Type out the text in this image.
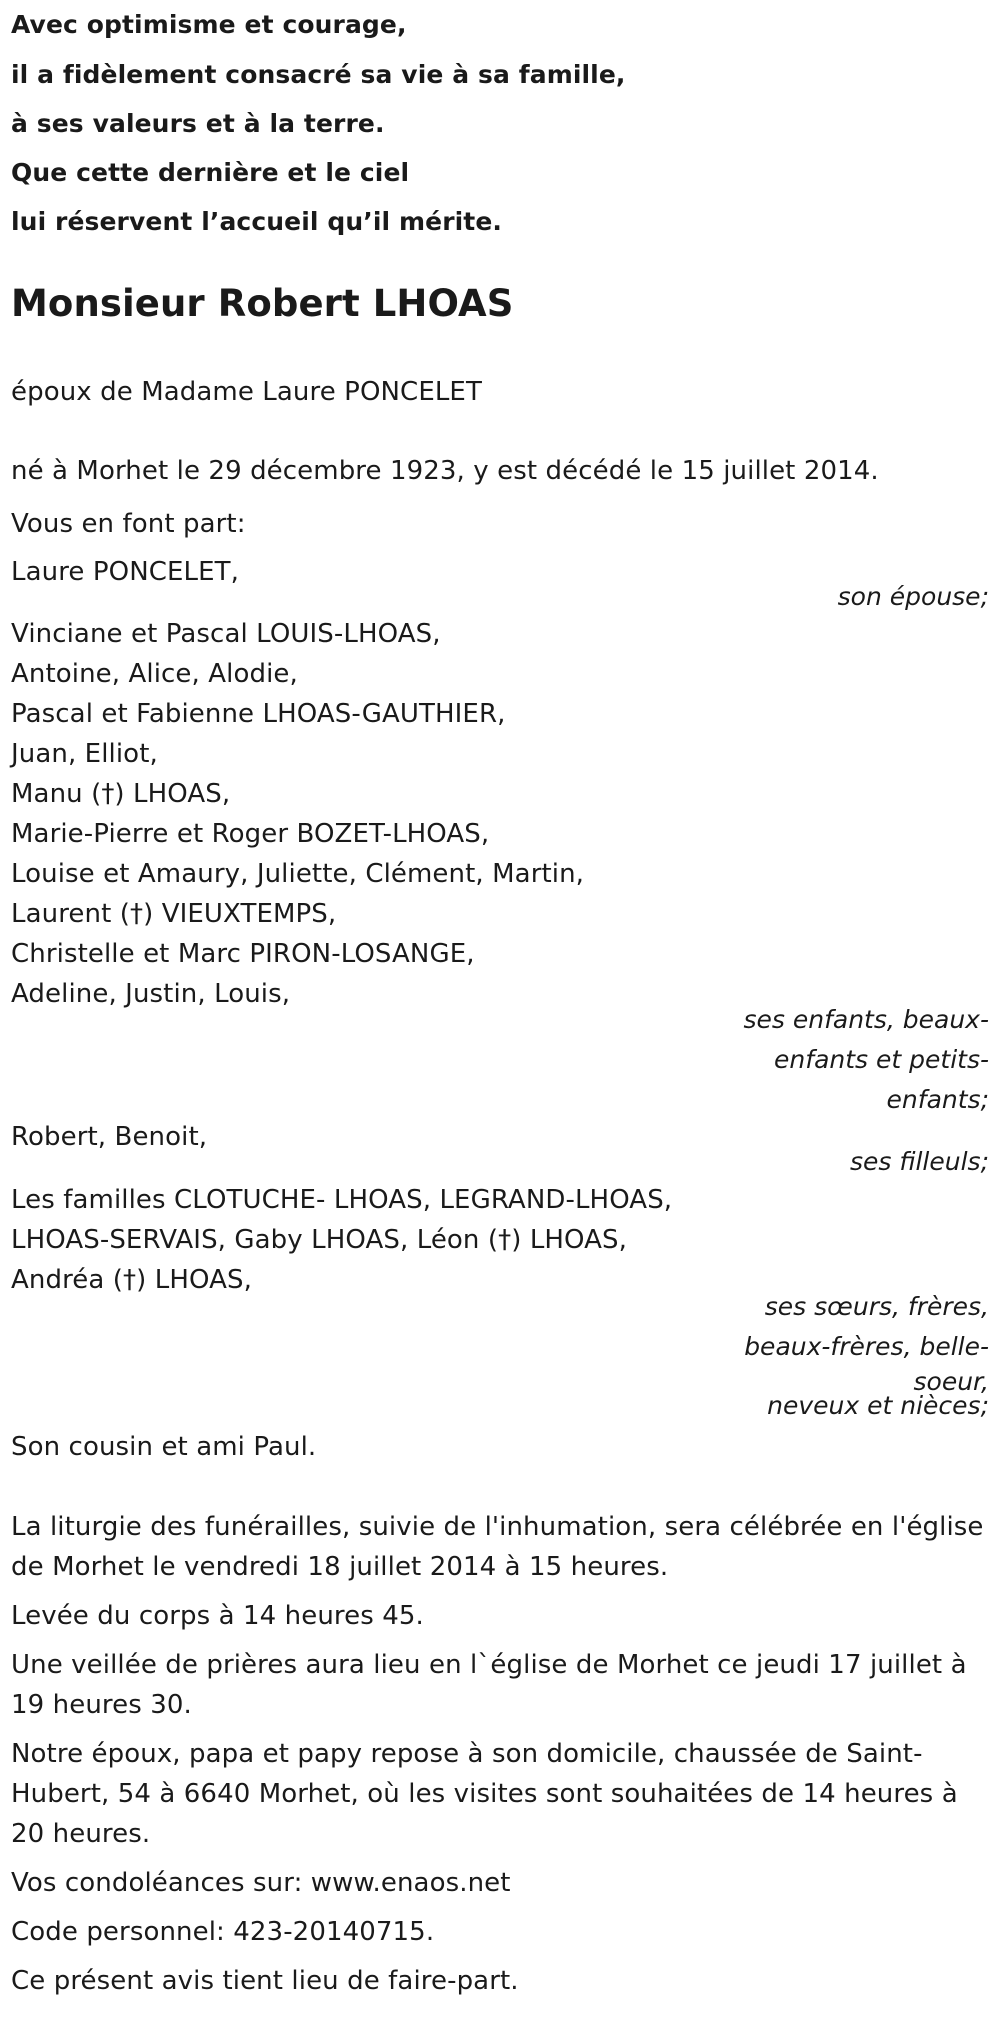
Avec optimisme et courage,
il a fidèlement consacré sa vie à sa famille,
à ses valeurs et à la terre.
Que cette dernière et le ciel
lui réservent l’accueil qu’il mérite.
Monsieur Robert LHOAS
époux de Madame Laure PONCELET
né à Morhet le 29 décembre 1923, y est décédé le 15 juillet 2014.
Vous en font part:
Laure PONCELET,
son épouse;
Vinciane et Pascal LOUIS-LHOAS,
Antoine, Alice, Alodie,
Pascal et Fabienne LHOAS-GAUTHIER,
Juan, Elliot,
Manu (†) LHOAS,
Marie-Pierre et Roger BOZET-LHOAS,
Louise et Amaury, Juliette, Clément, Martin,
Laurent (†) VIEUXTEMPS,
Christelle et Marc PIRON-LOSANGE,
Adeline, Justin, Louis,
ses enfants, beaux-
enfants et petits-
enfants;
Robert, Benoit,
ses filleuls;
Les familles CLOTUCHE- LHOAS, LEGRAND-LHOAS,
LHOAS-SERVAIS, Gaby LHOAS, Léon (†) LHOAS,
Andréa (†) LHOAS,
ses sœurs, frères,
beaux-frères, belle-
soeur,
neveux et nièces;
Son cousin et ami Paul.
La liturgie des funérailles, suivie de l'inhumation, sera célébrée en l'église
de Morhet le vendredi 18 juillet 2014 à 15 heures.
Levée du corps à 14 heures 45.
Une veillée de prières aura lieu en l`église de Morhet ce jeudi 17 juillet à
19 heures 30.
Notre époux, papa et papy repose à son domicile, chaussée de Saint-
Hubert, 54 à 6640 Morhet, où les visites sont souhaitées de 14 heures à
20 heures.
Vos condoléances sur: www.enaos.net
Code personnel: 423-20140715.
Ce présent avis tient lieu de faire-part.
